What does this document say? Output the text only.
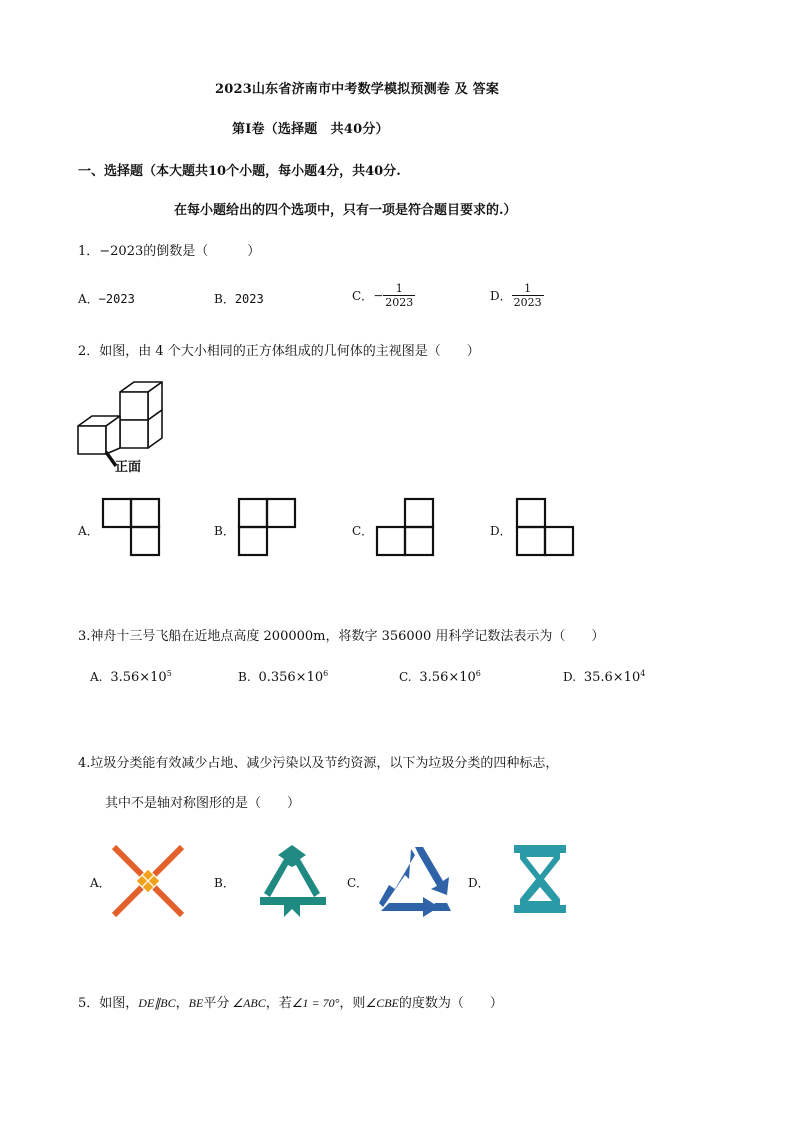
2023山东省济南市中考数学模拟预测卷 及 答案
第Ⅰ卷（选择题　共40分）
一、选择题（本大题共10个小题，每小题4分，共40分.
在每小题给出的四个选项中，只有一项是符合题目要求的.）
1．−2023的倒数是（　　　）
A．−2023	B．2023	C．− $\frac{1}{2023}$	D． $\frac{1}{2023}$
2．如图，由 4 个大小相同的正方体组成的几何体的主视图是（　　）
正面
A．	B．	C．	D．
3.神舟十三号飞船在近地点高度 200000m，将数字 356000 用科学记数法表示为（　　）
A. $3.56\times 10^5$	B. $0.356\times 10^6$	C. $3.56\times 10^6$	D. $35.6\times 10^4$
4.垃圾分类能有效减少占地、减少污染以及节约资源，以下为垃圾分类的四种标志，
其中不是轴对称图形的是（　　）
A．	B．	C．	D．
5．如图，DE∥BC，BE平分 ∠ABC，若∠1 = 70°，则∠CBE的度数为（　　）
